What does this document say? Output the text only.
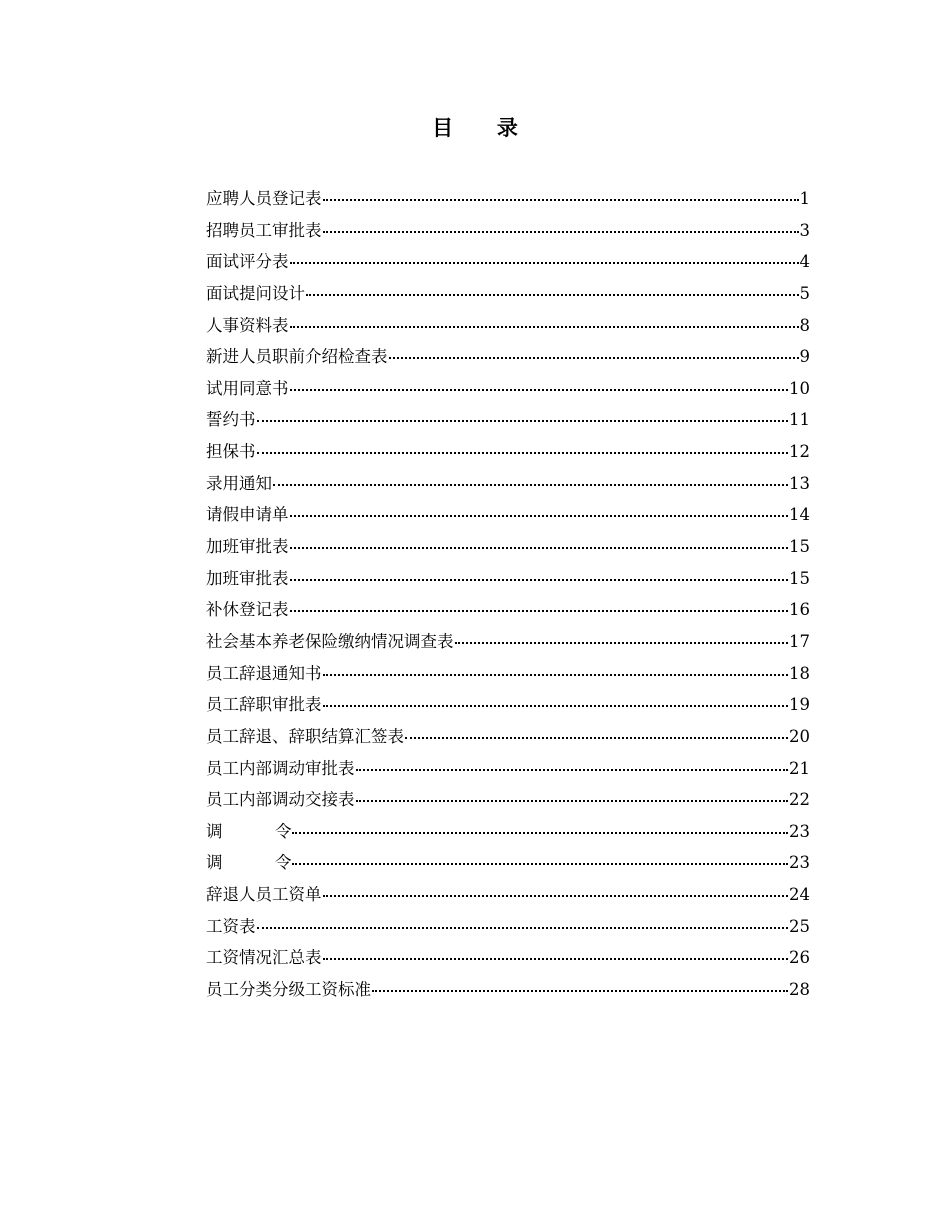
目      录
应聘人员登记表	1
招聘员工审批表	3
面试评分表	4
面试提问设计	5
人事资料表	8
新进人员职前介绍检查表	9
试用同意书	10
誓约书	11
担保书	12
录用通知	13
请假申请单	14
加班审批表	15
加班审批表	15
补休登记表	16
社会基本养老保险缴纳情况调查表	17
员工辞退通知书	18
员工辞职审批表	19
员工辞退、辞职结算汇签表	20
员工内部调动审批表	21
员工内部调动交接表	22
调          令	23
调          令	23
辞退人员工资单	24
工资表	25
工资情况汇总表	26
员工分类分级工资标准	28
